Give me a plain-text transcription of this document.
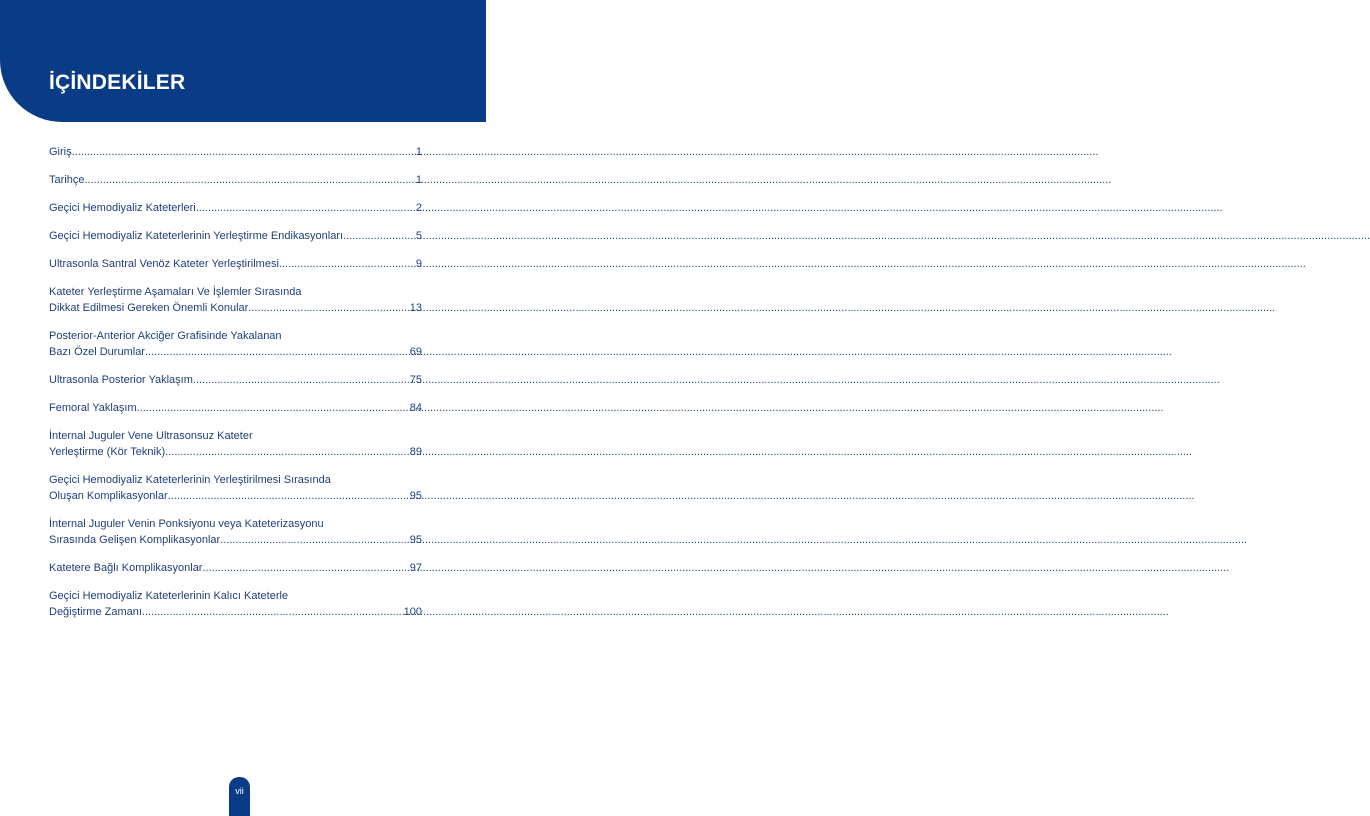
İÇİNDEKİLER
Giriş .....	1
Tarihçe .....	1
Geçici Hemodiyaliz Kateterleri .....	2
Geçici Hemodiyaliz Kateterlerinin Yerleştirme Endikasyonları .....	5
Ultrasonla Santral Venöz Kateter Yerleştirilmesi .....	9
Kateter Yerleştirme Aşamaları Ve İşlemler Sırasında
Dikkat Edilmesi Gereken Önemli Konular .....	13
Posterior-Anterior Akciğer Grafisinde Yakalanan
Bazı Özel Durumlar .....	69
Ultrasonla Posterior Yaklaşım .....	75
Femoral Yaklaşım .....	84
İnternal Juguler Vene Ultrasonsuz Kateter
Yerleştirme (Kör Teknik) .....	89
Geçici Hemodiyaliz Kateterlerinin Yerleştirilmesi Sırasında
Oluşan Komplikasyonlar .....	95
İnternal Juguler Venin Ponksiyonu veya Kateterizasyonu
Sırasında Gelişen Komplikasyonlar .....	95
Katetere Bağlı Komplikasyonlar .....	97
Geçici Hemodiyaliz Kateterlerinin Kalıcı Kateterle
Değiştirme Zamanı .....	100
vii
